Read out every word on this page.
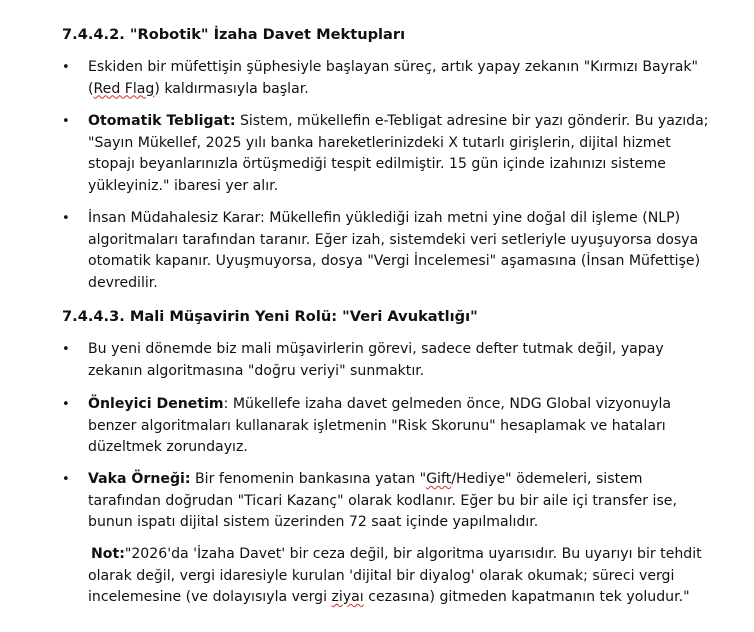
7.4.4.2. "Robotik" İzaha Davet Mektupları
• Eskiden bir müfettişin şüphesiyle başlayan süreç, artık yapay zekanın "Kırmızı Bayrak" (Red Flag) kaldırmasıyla başlar.
• Otomatik Tebligat: Sistem, mükellefin e-Tebligat adresine bir yazı gönderir. Bu yazıda; "Sayın Mükellef, 2025 yılı banka hareketlerinizdeki X tutarlı girişlerin, dijital hizmet stopajı beyanlarınızla örtüşmediği tespit edilmiştir. 15 gün içinde izahınızı sisteme yükleyiniz." ibaresi yer alır.
• İnsan Müdahalesiz Karar: Mükellefin yüklediği izah metni yine doğal dil işleme (NLP) algoritmaları tarafından taranır. Eğer izah, sistemdeki veri setleriyle uyuşuyorsa dosya otomatik kapanır. Uyuşmuyorsa, dosya "Vergi İncelemesi" aşamasına (İnsan Müfettişe) devredilir.
7.4.4.3. Mali Müşavirin Yeni Rolü: "Veri Avukatlığı"
• Bu yeni dönemde biz mali müşavirlerin görevi, sadece defter tutmak değil, yapay zekanın algoritmasına "doğru veriyi" sunmaktır.
• Önleyici Denetim: Mükellefe izaha davet gelmeden önce, NDG Global vizyonuyla benzer algoritmaları kullanarak işletmenin "Risk Skorunu" hesaplamak ve hataları düzeltmek zorundayız.
• Vaka Örneği: Bir fenomenin bankasına yatan "Gift/Hediye" ödemeleri, sistem tarafından doğrudan "Ticari Kazanç" olarak kodlanır. Eğer bu bir aile içi transfer ise, bunun ispatı dijital sistem üzerinden 72 saat içinde yapılmalıdır.
Not:"2026'da 'İzaha Davet' bir ceza değil, bir algoritma uyarısıdır. Bu uyarıyı bir tehdit olarak değil, vergi idaresiyle kurulan 'dijital bir diyalog' olarak okumak; süreci vergi incelemesine (ve dolayısıyla vergi ziyaı cezasına) gitmeden kapatmanın tek yoludur."
